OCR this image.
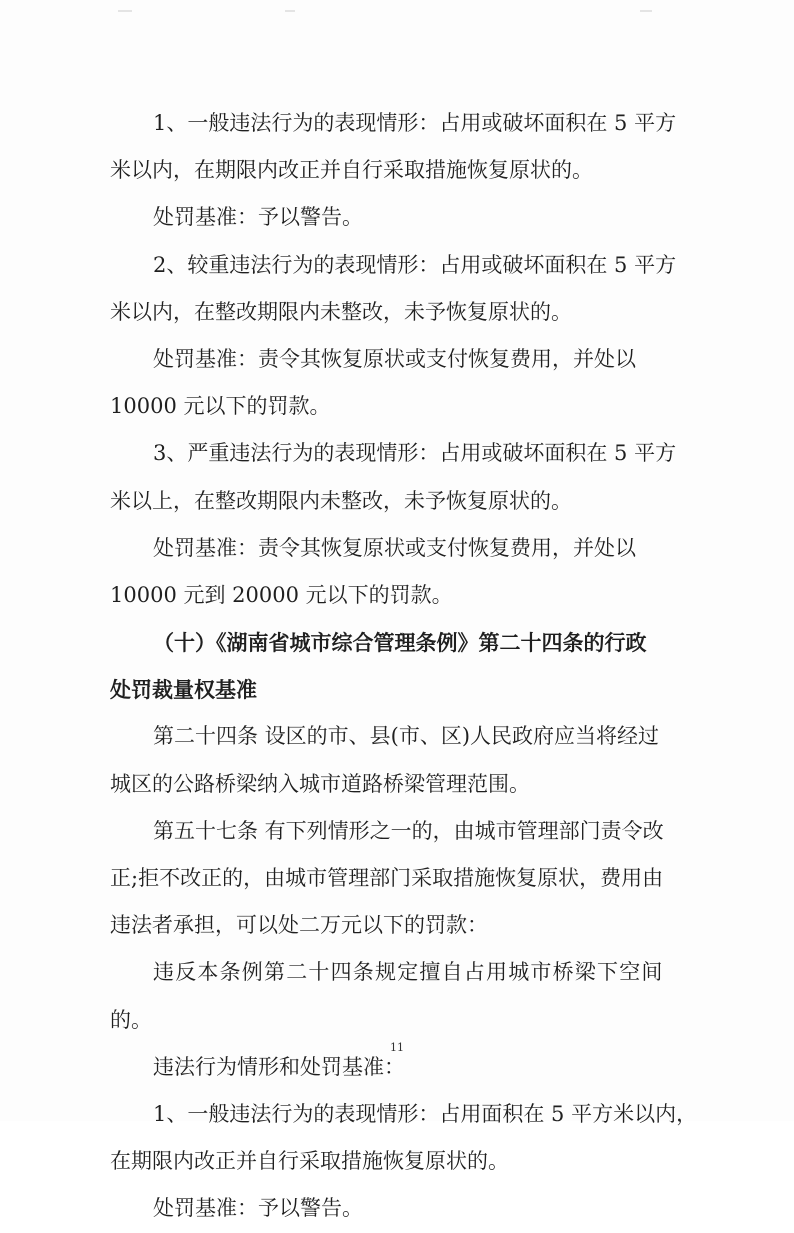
1、一般违法行为的表现情形：占用或破坏面积在 5 平方
米以内，在期限内改正并自行采取措施恢复原状的。
处罚基准：予以警告。
2、较重违法行为的表现情形：占用或破坏面积在 5 平方
米以内，在整改期限内未整改，未予恢复原状的。
处罚基准：责令其恢复原状或支付恢复费用，并处以
10000 元以下的罚款。
3、严重违法行为的表现情形：占用或破坏面积在 5 平方
米以上，在整改期限内未整改，未予恢复原状的。
处罚基准：责令其恢复原状或支付恢复费用，并处以
10000 元到 20000 元以下的罚款。
（十）《湖南省城市综合管理条例》第二十四条的行政
处罚裁量权基准
第二十四条 设区的市、县(市、区)人民政府应当将经过
城区的公路桥梁纳入城市道路桥梁管理范围。
第五十七条 有下列情形之一的，由城市管理部门责令改
正;拒不改正的，由城市管理部门采取措施恢复原状，费用由
违法者承担，可以处二万元以下的罚款：
违反本条例第二十四条规定擅自占用城市桥梁下空间
的。
违法行为情形和处罚基准：
1、一般违法行为的表现情形：占用面积在 5 平方米以内，
在期限内改正并自行采取措施恢复原状的。
处罚基准：予以警告。
11
